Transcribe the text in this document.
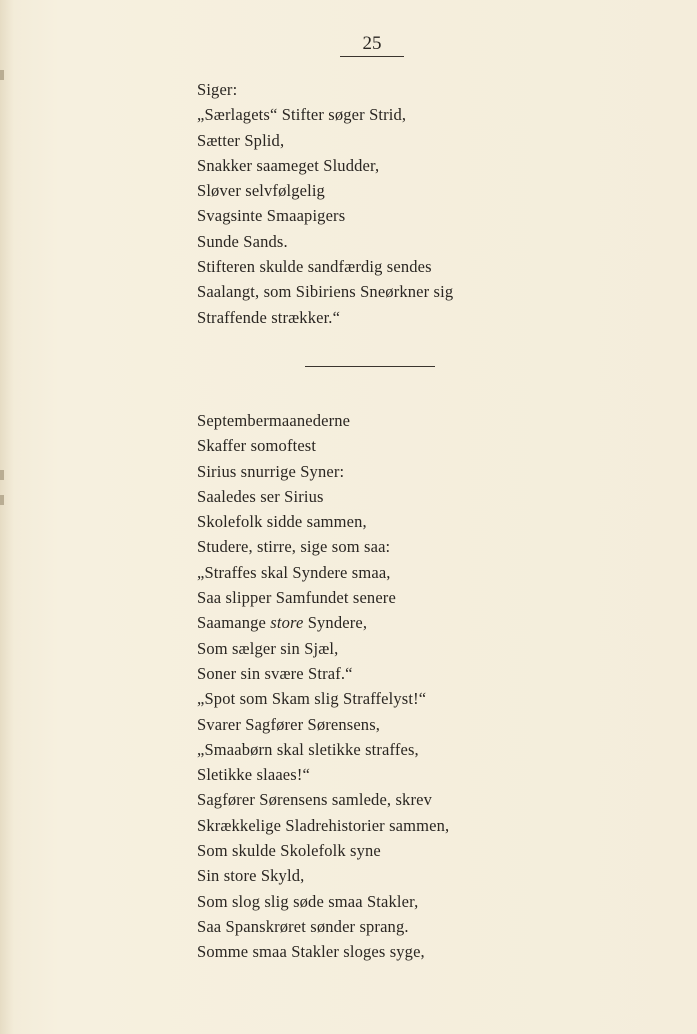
25
Siger:
„Særlagets“ Stifter søger Strid,
Sætter Splid,
Snakker saameget Sludder,
Sløver selvfølgelig
Svagsinte Smaapigers
Sunde Sands.
Stifteren skulde sandfærdig sendes
Saalangt, som Sibiriens Sneørkner sig
Straffende strækker.“
Septembermaanederne
Skaffer somoftest
Sirius snurrige Syner:
Saaledes ser Sirius
Skolefolk sidde sammen,
Studere, stirre, sige som saa:
„Straffes skal Syndere smaa,
Saa slipper Samfundet senere
Saamange store Syndere,
Som sælger sin Sjæl,
Soner sin svære Straf.“
„Spot som Skam slig Straffelyst!“
Svarer Sagfører Sørensens,
„Smaabørn skal sletikke straffes,
Sletikke slaaes!“
Sagfører Sørensens samlede, skrev
Skrækkelige Sladrehistorier sammen,
Som skulde Skolefolk syne
Sin store Skyld,
Som slog slig søde smaa Stakler,
Saa Spanskrøret sønder sprang.
Somme smaa Stakler sloges syge,
